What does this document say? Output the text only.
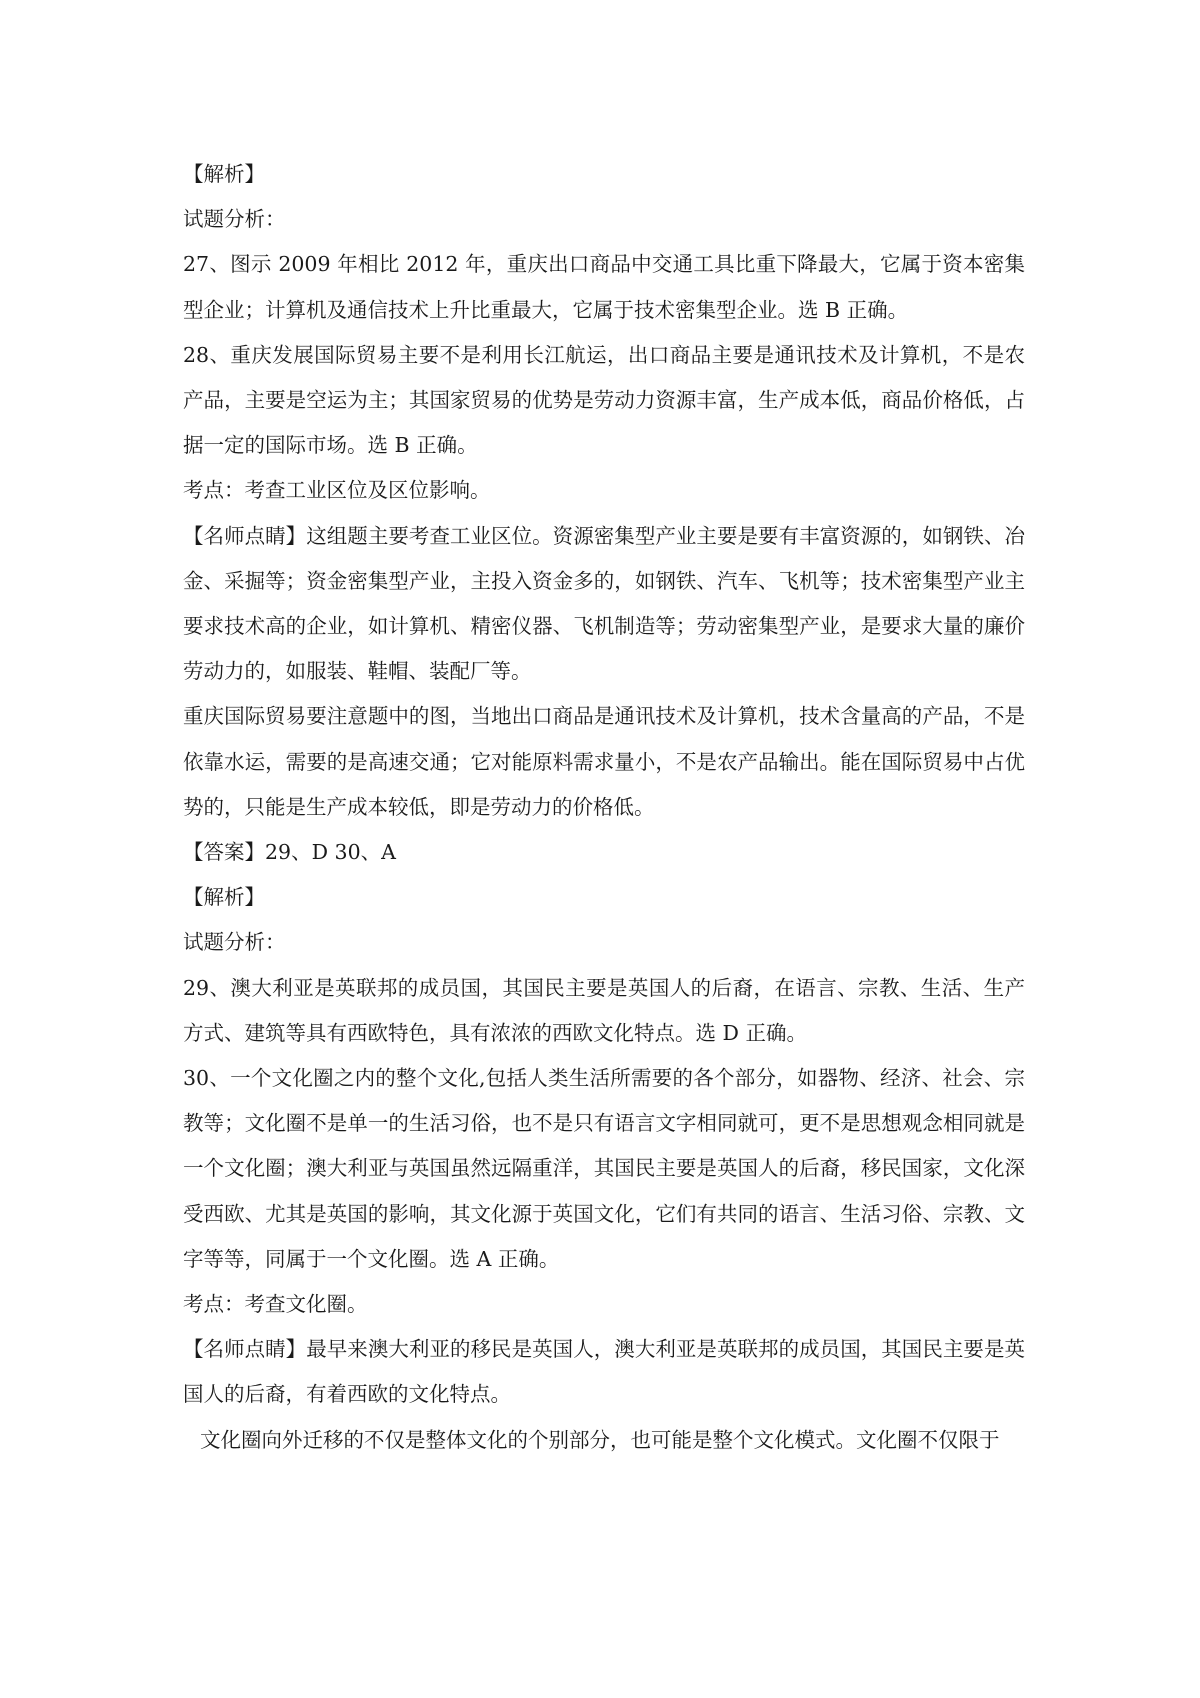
【解析】

试题分析：

27、图示 2009 年相比 2012 年，重庆出口商品中交通工具比重下降最大，它属于资本密集型企业；计算机及通信技术上升比重最大，它属于技术密集型企业。选 B 正确。

28、重庆发展国际贸易主要不是利用长江航运，出口商品主要是通讯技术及计算机，不是农产品，主要是空运为主；其国家贸易的优势是劳动力资源丰富，生产成本低，商品价格低，占据一定的国际市场。选 B 正确。

考点：考查工业区位及区位影响。

【名师点睛】这组题主要考查工业区位。资源密集型产业主要是要有丰富资源的，如钢铁、冶金、采掘等；资金密集型产业，主投入资金多的，如钢铁、汽车、飞机等；技术密集型产业主要求技术高的企业，如计算机、精密仪器、飞机制造等；劳动密集型产业，是要求大量的廉价劳动力的，如服装、鞋帽、装配厂等。

重庆国际贸易要注意题中的图，当地出口商品是通讯技术及计算机，技术含量高的产品，不是依靠水运，需要的是高速交通；它对能原料需求量小，不是农产品输出。能在国际贸易中占优势的，只能是生产成本较低，即是劳动力的价格低。

【答案】29、D 30、A

【解析】

试题分析：

29、澳大利亚是英联邦的成员国，其国民主要是英国人的后裔，在语言、宗教、生活、生产方式、建筑等具有西欧特色，具有浓浓的西欧文化特点。选 D 正确。

30、一个文化圈之内的整个文化,包括人类生活所需要的各个部分，如器物、经济、社会、宗教等；文化圈不是单一的生活习俗，也不是只有语言文字相同就可，更不是思想观念相同就是一个文化圈；澳大利亚与英国虽然远隔重洋，其国民主要是英国人的后裔，移民国家，文化深受西欧、尤其是英国的影响，其文化源于英国文化，它们有共同的语言、生活习俗、宗教、文字等等，同属于一个文化圈。选 A 正确。

考点：考查文化圈。

【名师点睛】最早来澳大利亚的移民是英国人，澳大利亚是英联邦的成员国，其国民主要是英国人的后裔，有着西欧的文化特点。

文化圈向外迁移的不仅是整体文化的个别部分，也可能是整个文化模式。文化圈不仅限于
